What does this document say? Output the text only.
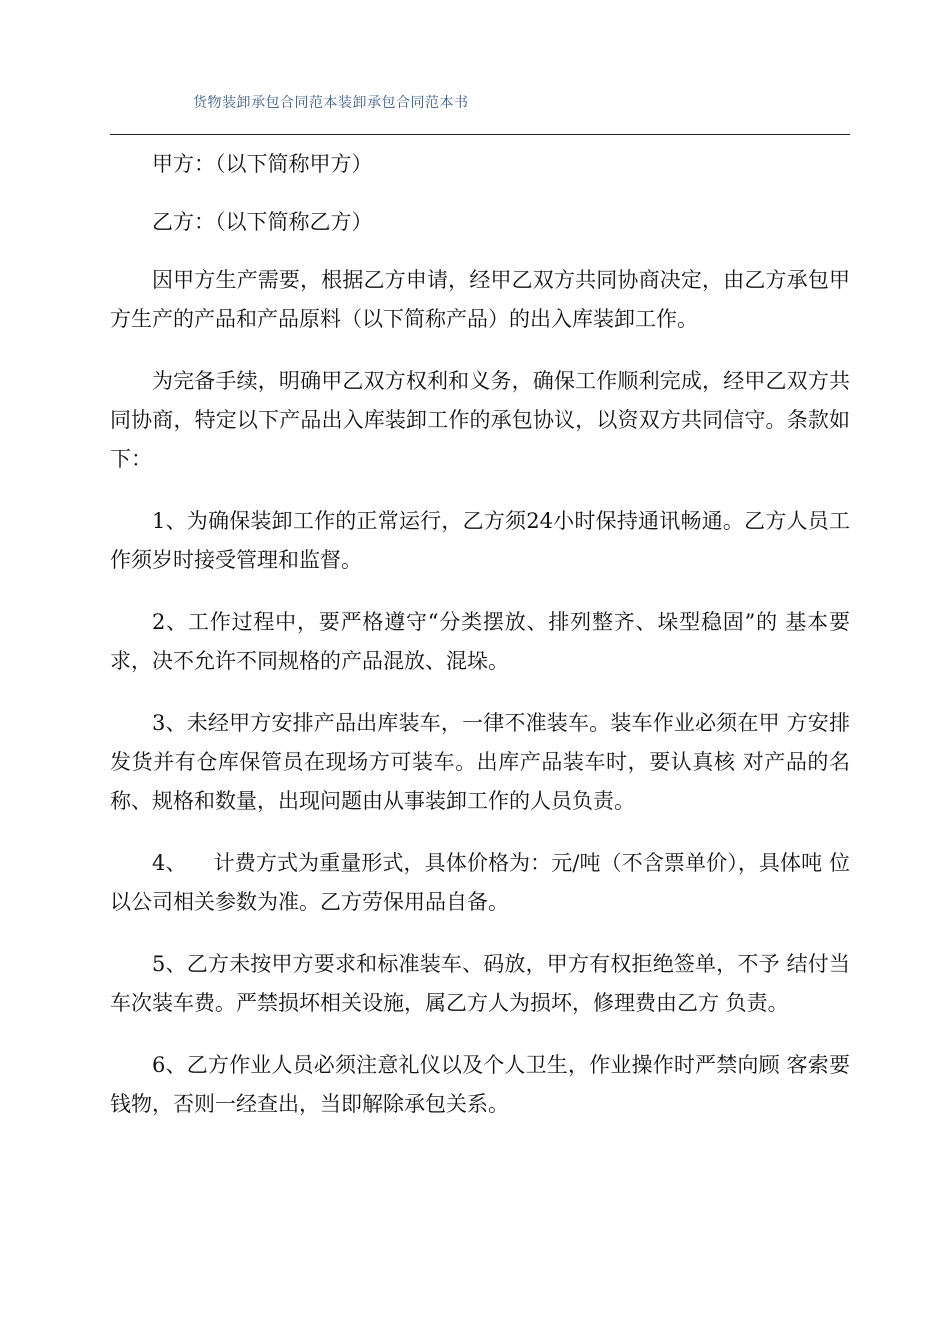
货物装卸承包合同范本装卸承包合同范本书

甲方：（以下简称甲方）

乙方：（以下简称乙方）

因甲方生产需要，根据乙方申请，经甲乙双方共同协商决定，由乙方承包甲方生产的产品和产品原料（以下简称产品）的出入库装卸工作。

为完备手续，明确甲乙双方权利和义务，确保工作顺利完成，经甲乙双方共同协商，特定以下产品出入库装卸工作的承包协议，以资双方共同信守。条款如下：

1、为确保装卸工作的正常运行，乙方须24小时保持通讯畅通。乙方人员工作须岁时接受管理和监督。

2、工作过程中，要严格遵守“分类摆放、排列整齐、垛型稳固”的 基本要求，决不允许不同规格的产品混放、混垛。

3、未经甲方安排产品出库装车，一律不准装车。装车作业必须在甲 方安排发货并有仓库保管员在现场方可装车。出库产品装车时，要认真核 对产品的名称、规格和数量，出现问题由从事装卸工作的人员负责。

4、    计费方式为重量形式，具体价格为：元/吨（不含票单价），具体吨 位以公司相关参数为准。乙方劳保用品自备。

5、乙方未按甲方要求和标准装车、码放，甲方有权拒绝签单，不予 结付当车次装车费。严禁损坏相关设施，属乙方人为损坏，修理费由乙方 负责。

6、乙方作业人员必须注意礼仪以及个人卫生，作业操作时严禁向顾 客索要钱物，否则一经查出，当即解除承包关系。
